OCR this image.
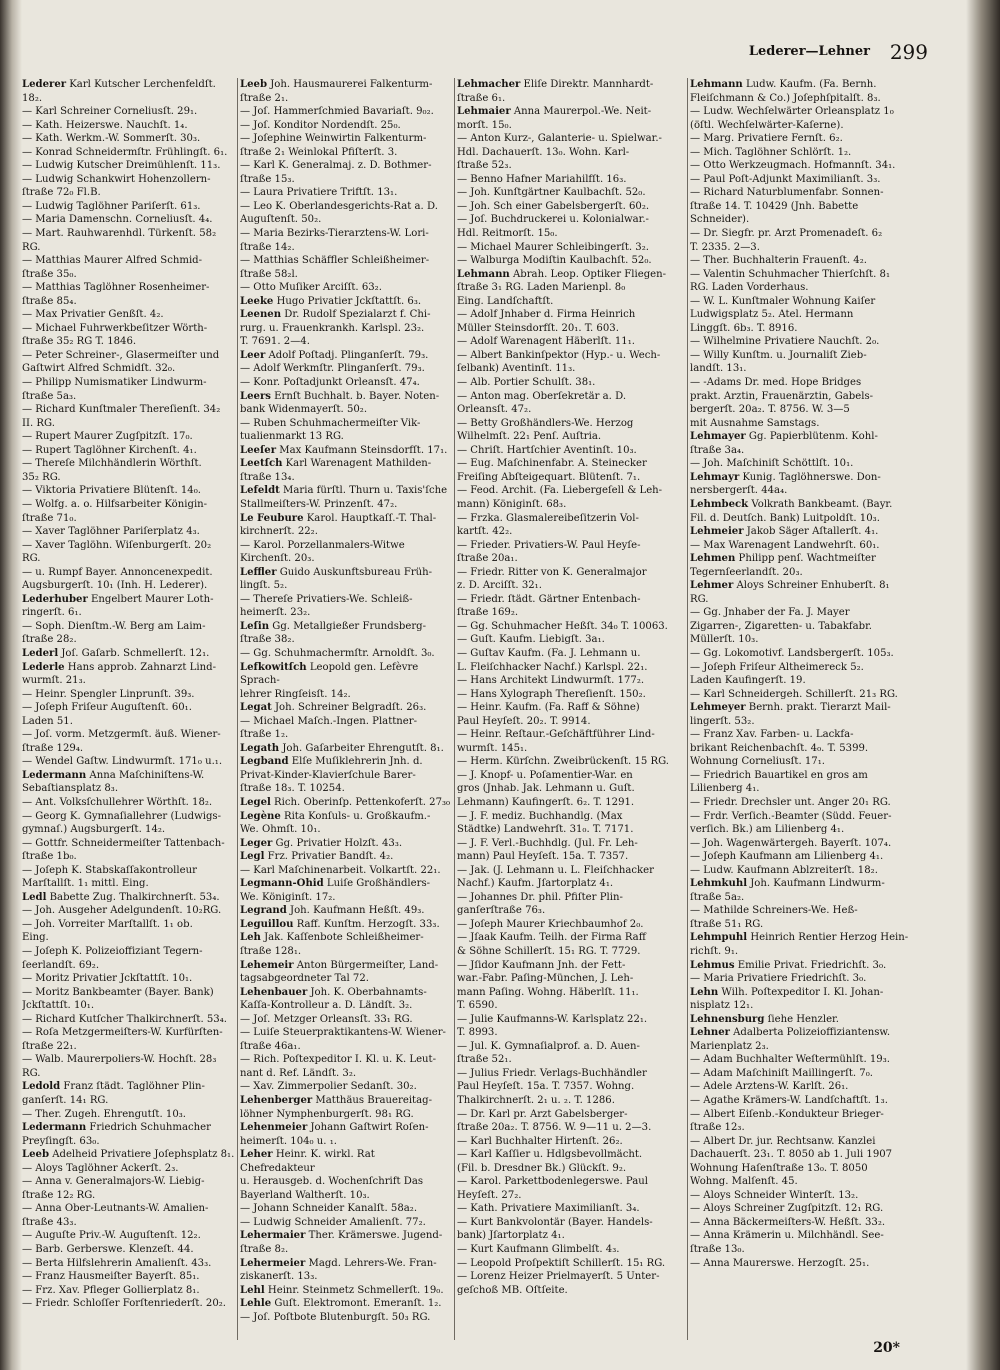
Lederer—Lehner 299

Lederer Karl Kutscher Lerchenfeldſt. 18₂.

— Karl Schreiner Corneliusſt. 29₁.

— Kath. Heizerswe. Nauchſt. 1₄.

— Kath. Werkm.-W. Sommerſt. 30₃.

— Konrad Schneidermſtr. Frühlingſt. 6₁.

— Ludwig Kutscher Dreimühlenſt. 11₃.

— Ludwig Schankwirt Hohenzollern-

ſtraße 72₀ Fl.B.

— Ludwig Taglöhner Pariſerſt. 61₃.

— Maria Damenschn. Corneliusſt. 4₄.

— Mart. Rauhwarenhdl. Türkenſt. 58₂

RG.

— Matthias Maurer Alfred Schmid-

ſtraße 35₀.

— Matthias Taglöhner Rosenheimer-

ſtraße 85₄.

— Max Privatier Genßſt. 4₂.

— Michael Fuhrwerkbeſitzer Wörth-

ſtraße 35₂ RG T. 1846.

— Peter Schreiner-, Glasermeiſter und

Gaſtwirt Alfred Schmidſt. 32₀.

— Philipp Numismatiker Lindwurm-

ſtraße 5a₃.

— Richard Kunſtmaler Thereſienſt. 34₂

II. RG.

— Rupert Maurer Zugſpitzſt. 17₀.

— Rupert Taglöhner Kirchenſt. 4₁.

— Thereſe Milchhändlerin Wörthſt.

35₂ RG.

— Viktoria Privatiere Blütenſt. 14₀.

— Wolfg. a. o. Hilfsarbeiter Königin-

ſtraße 71₀.

— Xaver Taglöhner Pariſerplatz 4₃.

— Xaver Taglöhn. Wiſenburgerſt. 20₂

RG.

— u. Rumpf Bayer. Annoncenexpedit.

Augsburgerſt. 10₁ (Inh. H. Lederer).

Lederhuber Engelbert Maurer Loth-

ringerſt. 6₁.

— Soph. Dienſtm.-W. Berg am Laim-

ſtraße 28₂.

Lederl Joſ. Gaſarb. Schmellerſt. 12₁.

Lederle Hans approb. Zahnarzt Lind-

wurmſt. 21₃.

— Heinr. Spengler Linprunſt. 39₃.

— Joſeph Friſeur Auguſtenſt. 60₁.

Laden 51.

— Joſ. vorm. Metzgermſt. äuß. Wiener-

ſtraße 129₄.

— Wendel Gaſtw. Lindwurmſt. 171₀ u.₁.

Ledermann Anna Maſchiniſtens-W.

Sebaſtiansplatz 8₃.

— Ant. Volksſchullehrer Wörthſt. 18₂.

— Georg K. Gymnaſiallehrer (Ludwigs-

gymnaſ.) Augsburgerſt. 14₂.

— Gottfr. Schneidermeiſter Tattenbach-

ſtraße 1b₀.

— Joſeph K. Stabskaſſakontrolleur

Marſtallſt. 1₁ mittl. Eing.

Ledl Babette Zug. Thalkirchnerſt. 53₄.

— Joh. Ausgeher Adelgundenſt. 10₂RG.

— Joh. Vorreiter Marſtallſt. 1₁ ob.

Eing.

— Joſeph K. Polizeioffiziant Tegern-

ſeerlandſt. 69₂.

— Moritz Privatier Jckſtattſt. 10₁.

— Moritz Bankbeamter (Bayer. Bank)

Jckſtattſt. 10₁.

— Richard Kutſcher Thalkirchnerſt. 53₄.

— Roſa Metzgermeiſters-W. Kurfürſten-

ſtraße 22₁.

— Walb. Maurerpoliers-W. Hochſt. 28₃

RG.

Ledold Franz ſtädt. Taglöhner Plin-

ganſerſt. 14₁ RG.

— Ther. Zugeh. Ehrengutſt. 10₃.

Ledermann Friedrich Schuhmacher

Preyſingſt. 63₀.

Leeb Adelheid Privatiere Joſephsplatz 8₁.

— Aloys Taglöhner Ackerſt. 2₃.

— Anna v. Generalmajors-W. Liebig-

ſtraße 12₂ RG.

— Anna Ober-Leutnants-W. Amalien-

ſtraße 43₃.

— Auguſte Priv.-W. Auguſtenſt. 12₂.

— Barb. Gerberswe. Klenzeſt. 44.

— Berta Hilfslehrerin Amalienſt. 43₃.

— Franz Hausmeiſter Bayerſt. 85₁.

— Frz. Xav. Pfleger Gollierplatz 8₁.

— Friedr. Schloſſer Forſtenriederſt. 20₂.

Leeb Joh. Hausmaurerei Falkenturm-

ſtraße 2₁.

— Joſ. Hammerſchmied Bavariaſt. 9₀₂.

— Joſ. Konditor Nordendſt. 25₀.

— Joſephine Weinwirtin Falkenturm-

ſtraße 2₁ Weinlokal Pfiſterſt. 3.

— Karl K. Generalmaj. z. D. Bothmer-

ſtraße 15₃.

— Laura Privatiere Triftſt. 13₁.

— Leo K. Oberlandesgerichts-Rat a. D.

Auguſtenſt. 50₂.

— Maria Bezirks-Tierarztens-W. Lori-

ſtraße 14₂.

— Matthias Schäffler Schleißheimer-

ſtraße 58₂l.

— Otto Muſiker Arciſſt. 63₂.

Leeke Hugo Privatier Jckſtattſt. 6₃.

Leenen Dr. Rudolf Spezialarzt f. Chi-

rurg. u. Frauenkrankh. Karlspl. 23₂.

T. 7691. 2—4.

Leer Adolf Poſtadj. Plinganſerſt. 79₃.

— Adolf Werkmſtr. Plinganſerſt. 79₃.

— Konr. Poſtadjunkt Orleansſt. 47₄.

Leers Ernſt Buchhalt. b. Bayer. Noten-

bank Widenmayerſt. 50₂.

— Ruben Schuhmachermeiſter Vik-

tualienmarkt 13 RG.

Leeſer Max Kaufmann Steinsdorfſt. 17₁.

Leetſch Karl Warenagent Mathilden-

ſtraße 13₄.

Lefeldt Maria fürſtl. Thurn u. Taxis'ſche

Stallmeiſters-W. Prinzenſt. 47₂.

Le Feubure Karol. Hauptkaſſ.-T. Thal-

kirchnerſt. 22₂.

— Karol. Porzellanmalers-Witwe

Kirchenſt. 20₃.

Leffler Guido Auskunftsbureau Früh-

lingſt. 5₂.

— Thereſe Privatiers-We. Schleiß-

heimerſt. 23₂.

Leſin Gg. Metallgießer Frundsberg-

ſtraße 38₂.

— Gg. Schuhmachermſtr. Arnoldſt. 3₀.

Lefkowitſch Leopold gen. Lefèvre Sprach-

lehrer Ringſeisſt. 14₂.

Legat Joh. Schreiner Belgradſt. 26₃.

— Michael Maſch.-Ingen. Plattner-

ſtraße 1₂.

Legath Joh. Gaſarbeiter Ehrengutſt. 8₁.

Legband Elſe Muſiklehrerin Jnh. d.

Privat-Kinder-Klavierſchule Barer-

ſtraße 18₃. T. 10254.

Legel Rich. Oberinſp. Pettenkoferſt. 27₃₀

Legène Rita Konſuls- u. Großkaufm.-

We. Ohmſt. 10₁.

Leger Gg. Privatier Holzſt. 43₃.

Legl Frz. Privatier Bandſt. 4₂.

— Karl Maſchinenarbeit. Volkartſt. 22₁.

Legmann-Ohid Luiſe Großhändlers-

We. Königinſt. 17₂.

Legrand Joh. Kaufmann Heßſt. 49₃.

Leguillou Raff. Kunſtm. Herzogſt. 33₃.

Leh Jak. Kaſſenbote Schleißheimer-

ſtraße 128₁.

Lehemeir Anton Bürgermeiſter, Land-

tagsabgeordneter Tal 72.

Lehenbauer Joh. K. Oberbahnamts-

Kaſſa-Kontrolleur a. D. Ländſt. 3₂.

— Joſ. Metzger Orleansſt. 33₁ RG.

— Luiſe Steuerpraktikantens-W. Wiener-

ſtraße 46a₁.

— Rich. Poſtexpeditor I. Kl. u. K. Leut-

nant d. Ref. Ländſt. 3₂.

— Xav. Zimmerpolier Sedanſt. 30₂.

Lehenberger Matthäus Brauereitag-

löhner Nymphenburgerſt. 98₁ RG.

Lehenmeier Johann Gaſtwirt Roſen-

heimerſt. 104₀ u. ₁.

Leher Heinr. K. wirkl. Rat Chefredakteur

u. Herausgeb. d. Wochenſchrift Das

Bayerland Waltherſt. 10₃.

— Johann Schneider Kanalſt. 58a₂.

— Ludwig Schneider Amalienſt. 77₂.

Lehermaier Ther. Krämerswe. Jugend-

ſtraße 8₂.

Lehermeier Magd. Lehrers-We. Fran-

ziskanerſt. 13₃.

Lehl Heinr. Steinmetz Schmellerſt. 19₀.

Lehle Guſt. Elektromont. Emeranſt. 1₂.

— Joſ. Poſtbote Blutenburgſt. 50₃ RG.

Lehmacher Eliſe Direktr. Mannhardt-

ſtraße 6₁.

Lehmaier Anna Maurerpol.-We. Neit-

morſt. 15₀.

— Anton Kurz-, Galanterie- u. Spielwar.-

Hdl. Dachauerſt. 13₀. Wohn. Karl-

ſtraße 52₃.

— Benno Hafner Mariahilfſt. 16₃.

— Joh. Kunſtgärtner Kaulbachſt. 52₀.

— Joh. Sch einer Gabelsbergerſt. 60₂.

— Joſ. Buchdruckerei u. Kolonialwar.-

Hdl. Reitmorſt. 15₀.

— Michael Maurer Schleibingerſt. 3₂.

— Walburga Modiſtin Kaulbachſt. 52₀.

Lehmann Abrah. Leop. Optiker Fliegen-

ſtraße 3₁ RG. Laden Marienpl. 8₀

Eing. Landſchaftſt.

— Adolf Jnhaber d. Firma Heinrich

Müller Steinsdorfſt. 20₁. T. 603.

— Adolf Warenagent Häberlſt. 11₁.

— Albert Bankinſpektor (Hyp.- u. Wech-

ſelbank) Aventinſt. 11₃.

— Alb. Portier Schulſt. 38₁.

— Anton mag. Oberſekretär a. D.

Orleansſt. 47₂.

— Betty Großhändlers-We. Herzog

Wilhelmſt. 22₁ Penſ. Auſtria.

— Chriſt. Hartſchier Aventinſt. 10₃.

— Eug. Maſchinenfabr. A. Steinecker

Freiſing Abſteigequart. Blütenſt. 7₁.

— Feod. Archit. (Fa. Liebergeſell & Leh-

mann) Königinſt. 68₃.

— Frzka. Glasmalereibeſitzerin Vol-

kartſt. 42₂.

— Frieder. Privatiers-W. Paul Heyſe-

ſtraße 20a₁.

— Friedr. Ritter von K. Generalmajor

z. D. Arciſſt. 32₁.

— Friedr. ſtädt. Gärtner Entenbach-

ſtraße 169₂.

— Gg. Schuhmacher Heßſt. 34₀ T. 10063.

— Guſt. Kaufm. Liebigſt. 3a₁.

— Guſtav Kaufm. (Fa. J. Lehmann u.

L. Fleiſchhacker Nachf.) Karlspl. 22₁.

— Hans Architekt Lindwurmſt. 177₂.

— Hans Xylograph Thereſienſt. 150₂.

— Heinr. Kaufm. (Fa. Raff & Söhne)

Paul Heyſeſt. 20₂. T. 9914.

— Heinr. Reſtaur.-Geſchäftführer Lind-

wurmſt. 145₁.

— Herm. Kürſchn. Zweibrückenſt. 15 RG.

— J. Knopf- u. Poſamentier-War. en

gros (Jnhab. Jak. Lehmann u. Guſt.

Lehmann) Kaufingerſt. 6₂. T. 1291.

— J. F. mediz. Buchhandlg. (Max

Städtke) Landwehrſt. 31₀. T. 7171.

— J. F. Verl.-Buchhdlg. (Jul. Fr. Leh-

mann) Paul Heyſeſt. 15a. T. 7357.

— Jak. (J. Lehmann u. L. Fleiſchhacker

Nachf.) Kaufm. Jſartorplatz 4₁.

— Johannes Dr. phil. Pfiſter Plin-

ganſerſtraße 76₃.

— Joſeph Maurer Kriechbaumhof 2₀.

— Jſaak Kaufm. Teilh. der Firma Raff

& Söhne Schillerſt. 15₁ RG. T. 7729.

— Jſidor Kaufmann Jnh. der Fett-

war.-Fabr. Paſing-München, J. Leh-

mann Paſing. Wohng. Häberlſt. 11₁.

T. 6590.

— Julie Kaufmanns-W. Karlsplatz 22₁.

T. 8993.

— Jul. K. Gymnaſialprof. a. D. Auen-

ſtraße 52₁.

— Julius Friedr. Verlags-Buchhändler

Paul Heyſeſt. 15a. T. 7357. Wohng.

Thalkirchnerſt. 2₁ u. ₂. T. 1286.

— Dr. Karl pr. Arzt Gabelsberger-

ſtraße 20a₂. T. 8756. W. 9—11 u. 2—3.

— Karl Buchhalter Hirtenſt. 26₂.

— Karl Kaſſier u. Hdlgsbevollmächt.

(Fil. b. Dresdner Bk.) Glückſt. 9₂.

— Karol. Parkettbodenlegerswe. Paul

Heyſeſt. 27₂.

— Kath. Privatiere Maximilianſt. 3₄.

— Kurt Bankvolontär (Bayer. Handels-

bank) Jſartorplatz 4₁.

— Kurt Kaufmann Glimbelſt. 4₃.

— Leopold Proſpektiſt Schillerſt. 15₁ RG.

— Lorenz Heizer Prielmayerſt. 5 Unter-

geſchoß MB. Oſtſeite.

Lehmann Ludw. Kaufm. (Fa. Bernh.

Fleiſchmann & Co.) Joſephſpitalſt. 8₃.

— Ludw. Wechſelwärter Orleansplatz 1₀

(öſtl. Wechſelwärter-Kaſerne).

— Marg. Privatiere Fernſt. 6₂.

— Mich. Taglöhner Schlörſt. 1₂.

— Otto Werkzeugmach. Hofmannſt. 34₁.

— Paul Poſt-Adjunkt Maximilianſt. 3₃.

— Richard Naturblumenfabr. Sonnen-

ſtraße 14. T. 10429 (Jnh. Babette

Schneider).

— Dr. Siegfr. pr. Arzt Promenadeſt. 6₂

T. 2335. 2—3.

— Ther. Buchhalterin Frauenſt. 4₂.

— Valentin Schuhmacher Thierſchſt. 8₁

RG. Laden Vorderhaus.

— W. L. Kunſtmaler Wohnung Kaiſer

Ludwigsplatz 5₂. Atel. Hermann

Linggſt. 6b₃. T. 8916.

— Wilhelmine Privatiere Nauchſt. 2₀.

— Willy Kunſtm. u. Journaliſt Zieb-

landſt. 13₁.

— -Adams Dr. med. Hope Bridges

prakt. Arztin, Frauenärztin, Gabels-

bergerſt. 20a₂. T. 8756. W. 3—5

mit Ausnahme Samstags.

Lehmayer Gg. Papierblütenm. Kohl-

ſtraße 3a₄.

— Joh. Maſchiniſt Schöttlſt. 10₁.

Lehmayr Kunig. Taglöhnerswe. Don-

nersbergerſt. 44a₄.

Lehmbeck Volkrath Bankbeamt. (Bayr.

Fil. d. Deutſch. Bank) Luitpoldſt. 10₃.

Lehmeier Jakob Säger Aſtallerſt. 4₁.

— Max Warenagent Landwehrſt. 60₁.

Lehmen Philipp penſ. Wachtmeiſter

Tegernſeerlandſt. 20₃.

Lehmer Aloys Schreiner Enhuberſt. 8₁

RG.

— Gg. Jnhaber der Fa. J. Mayer

Zigarren-, Zigaretten- u. Tabakfabr.

Müllerſt. 10₃.

— Gg. Lokomotivf. Landsbergerſt. 105₃.

— Joſeph Friſeur Altheimereck 5₂.

Laden Kaufingerſt. 19.

— Karl Schneidergeh. Schillerſt. 21₃ RG.

Lehmeyer Bernh. prakt. Tierarzt Mail-

lingerſt. 53₂.

— Franz Xav. Farben- u. Lackfa-

brikant Reichenbachſt. 4₀. T. 5399.

Wohnung Corneliusſt. 17₁.

— Friedrich Bauartikel en gros am

Lilienberg 4₁.

— Friedr. Drechsler unt. Anger 20₁ RG.

— Frdr. Verſich.-Beamter (Südd. Feuer-

verſich. Bk.) am Lilienberg 4₁.

— Joh. Wagenwärtergeh. Bayerſt. 107₄.

— Joſeph Kaufmann am Lilienberg 4₁.

— Ludw. Kaufmann Ablzreiterſt. 18₂.

Lehmkuhl Joh. Kaufmann Lindwurm-

ſtraße 5a₂.

— Mathilde Schreiners-We. Heß-

ſtraße 51₁ RG.

Lehmpuhl Heinrich Rentier Herzog Hein-

richſt. 9₁.

Lehmus Emilie Privat. Friedrichſt. 3₀.

— Maria Privatiere Friedrichſt. 3₀.

Lehn Wilh. Poſtexpeditor I. Kl. Johan-

nisplatz 12₁.

Lehnensburg ſiehe Henzler.

Lehner Adalberta Polizeioffiziantensw.

Marienplatz 2₃.

— Adam Buchhalter Weſtermühlſt. 19₃.

— Adam Maſchiniſt Maillingerſt. 7₀.

— Adele Arztens-W. Karlſt. 26₁.

— Agathe Krämers-W. Landſchaftſt. 1₃.

— Albert Eiſenb.-Kondukteur Brieger-

ſtraße 12₃.

— Albert Dr. jur. Rechtsanw. Kanzlei

Dachauerſt. 23₁. T. 8050 ab 1. Juli 1907

Wohnung Haſenſtraße 13₀. T. 8050

Wohng. Malſenſt. 45.

— Aloys Schneider Winterſt. 13₂.

— Aloys Schreiner Zugſpitzſt. 12₁ RG.

— Anna Bäckermeiſters-W. Heßſt. 33₂.

— Anna Krämerin u. Milchhändl. See-

ſtraße 13₀.

— Anna Maurerswe. Herzogſt. 25₁.

20*
